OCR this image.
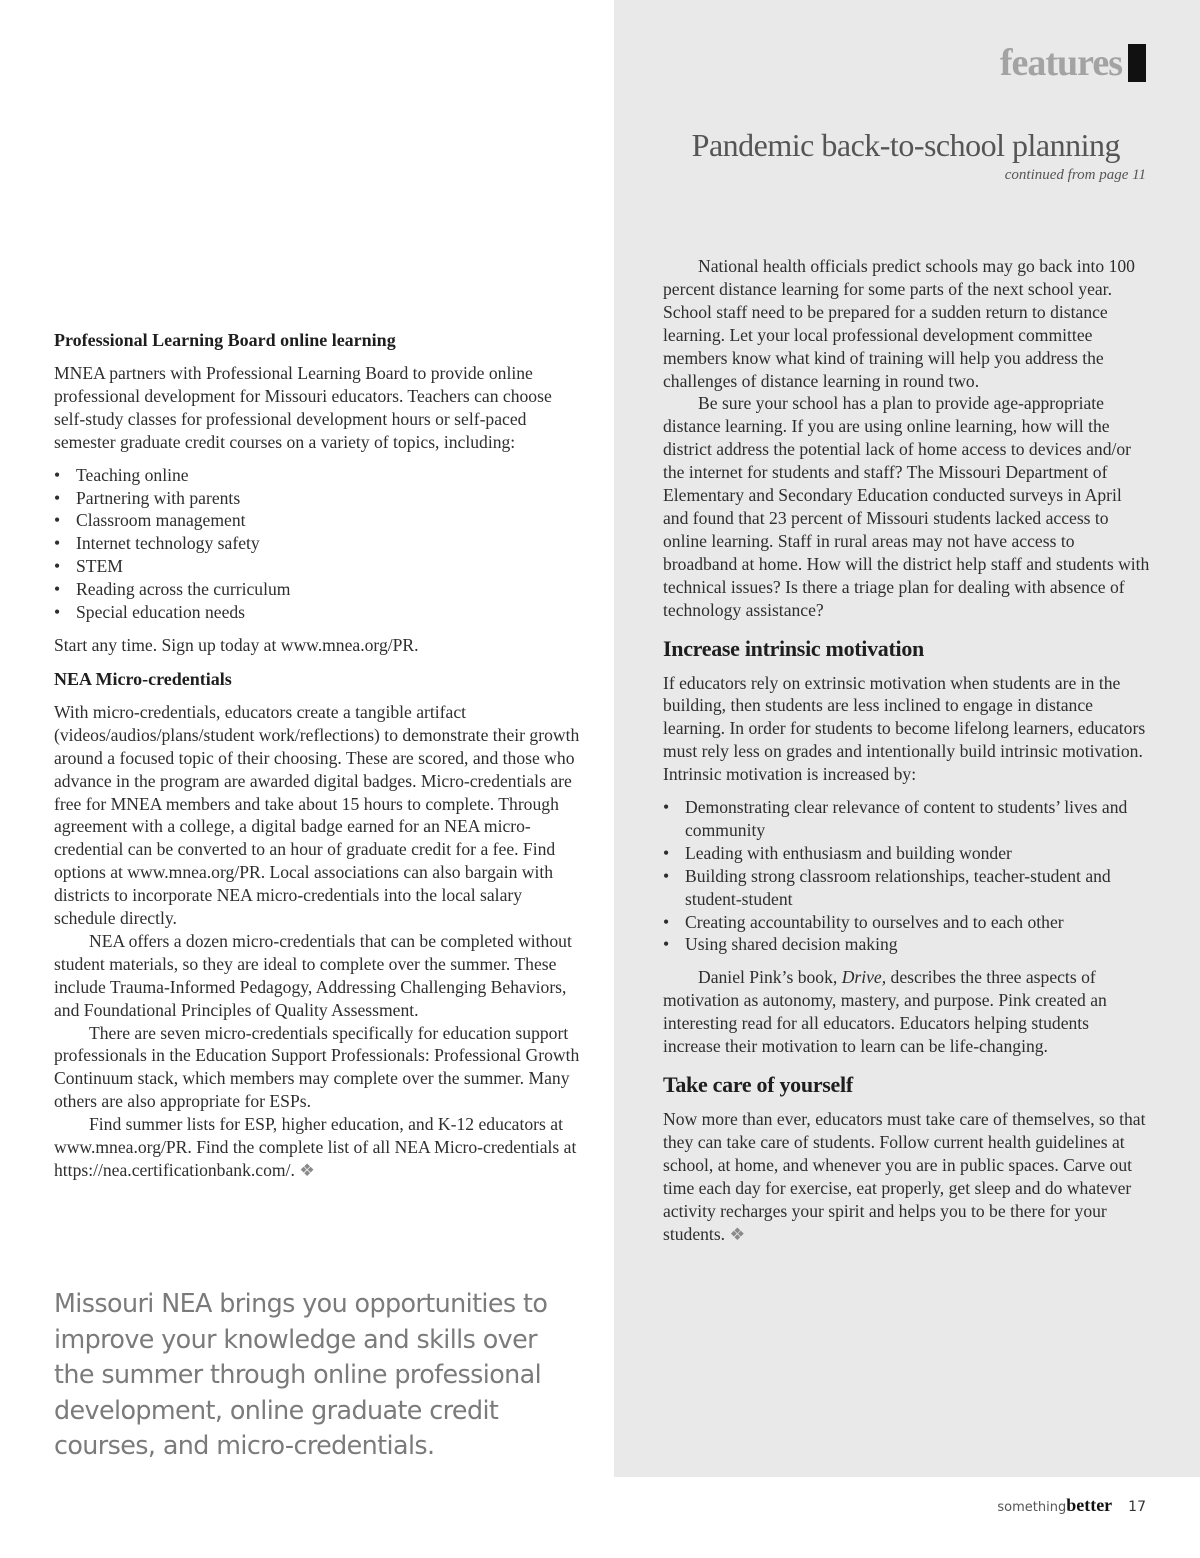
features
Pandemic back-to-school planning
continued from page 11
Professional Learning Board online learning

MNEA partners with Professional Learning Board to provide online professional development for Missouri educators. Teachers can choose self-study classes for professional development hours or self-paced semester graduate credit courses on a variety of topics, including:

• Teaching online
• Partnering with parents
• Classroom management
• Internet technology safety
• STEM
• Reading across the curriculum
• Special education needs

Start any time. Sign up today at www.mnea.org/PR.

NEA Micro-credentials

With micro-credentials, educators create a tangible artifact (videos/audios/plans/student work/reflections) to demonstrate their growth around a focused topic of their choosing. These are scored, and those who advance in the program are awarded digital badges. Micro-credentials are free for MNEA members and take about 15 hours to complete. Through agreement with a college, a digital badge earned for an NEA micro-credential can be converted to an hour of graduate credit for a fee. Find options at www.mnea.org/PR. Local associations can also bargain with districts to incorporate NEA micro-credentials into the local salary schedule directly.

NEA offers a dozen micro-credentials that can be completed without student materials, so they are ideal to complete over the summer. These include Trauma-Informed Pedagogy, Addressing Challenging Behaviors, and Foundational Principles of Quality Assessment.

There are seven micro-credentials specifically for education support professionals in the Education Support Professionals: Professional Growth Continuum stack, which members may complete over the summer. Many others are also appropriate for ESPs.

Find summer lists for ESP, higher education, and K-12 educators at www.mnea.org/PR. Find the complete list of all NEA Micro-credentials at https://nea.certificationbank.com/. ❖

Missouri NEA brings you opportunities to improve your knowledge and skills over the summer through online professional development, online graduate credit courses, and micro-credentials.

National health officials predict schools may go back into 100 percent distance learning for some parts of the next school year. School staff need to be prepared for a sudden return to distance learning. Let your local professional development committee members know what kind of training will help you address the challenges of distance learning in round two.

Be sure your school has a plan to provide age-appropriate distance learning. If you are using online learning, how will the district address the potential lack of home access to devices and/or the internet for students and staff? The Missouri Department of Elementary and Secondary Education conducted surveys in April and found that 23 percent of Missouri students lacked access to online learning. Staff in rural areas may not have access to broadband at home. How will the district help staff and students with technical issues? Is there a triage plan for dealing with absence of technology assistance?

Increase intrinsic motivation

If educators rely on extrinsic motivation when students are in the building, then students are less inclined to engage in distance learning. In order for students to become lifelong learners, educators must rely less on grades and intentionally build intrinsic motivation. Intrinsic motivation is increased by:

• Demonstrating clear relevance of content to students’ lives and community
• Leading with enthusiasm and building wonder
• Building strong classroom relationships, teacher-student and student-student
• Creating accountability to ourselves and to each other
• Using shared decision making

Daniel Pink’s book, Drive, describes the three aspects of motivation as autonomy, mastery, and purpose. Pink created an interesting read for all educators. Educators helping students increase their motivation to learn can be life-changing.

Take care of yourself

Now more than ever, educators must take care of themselves, so that they can take care of students. Follow current health guidelines at school, at home, and whenever you are in public spaces. Carve out time each day for exercise, eat properly, get sleep and do whatever activity recharges your spirit and helps you to be there for your students. ❖

somethingbetter 17
